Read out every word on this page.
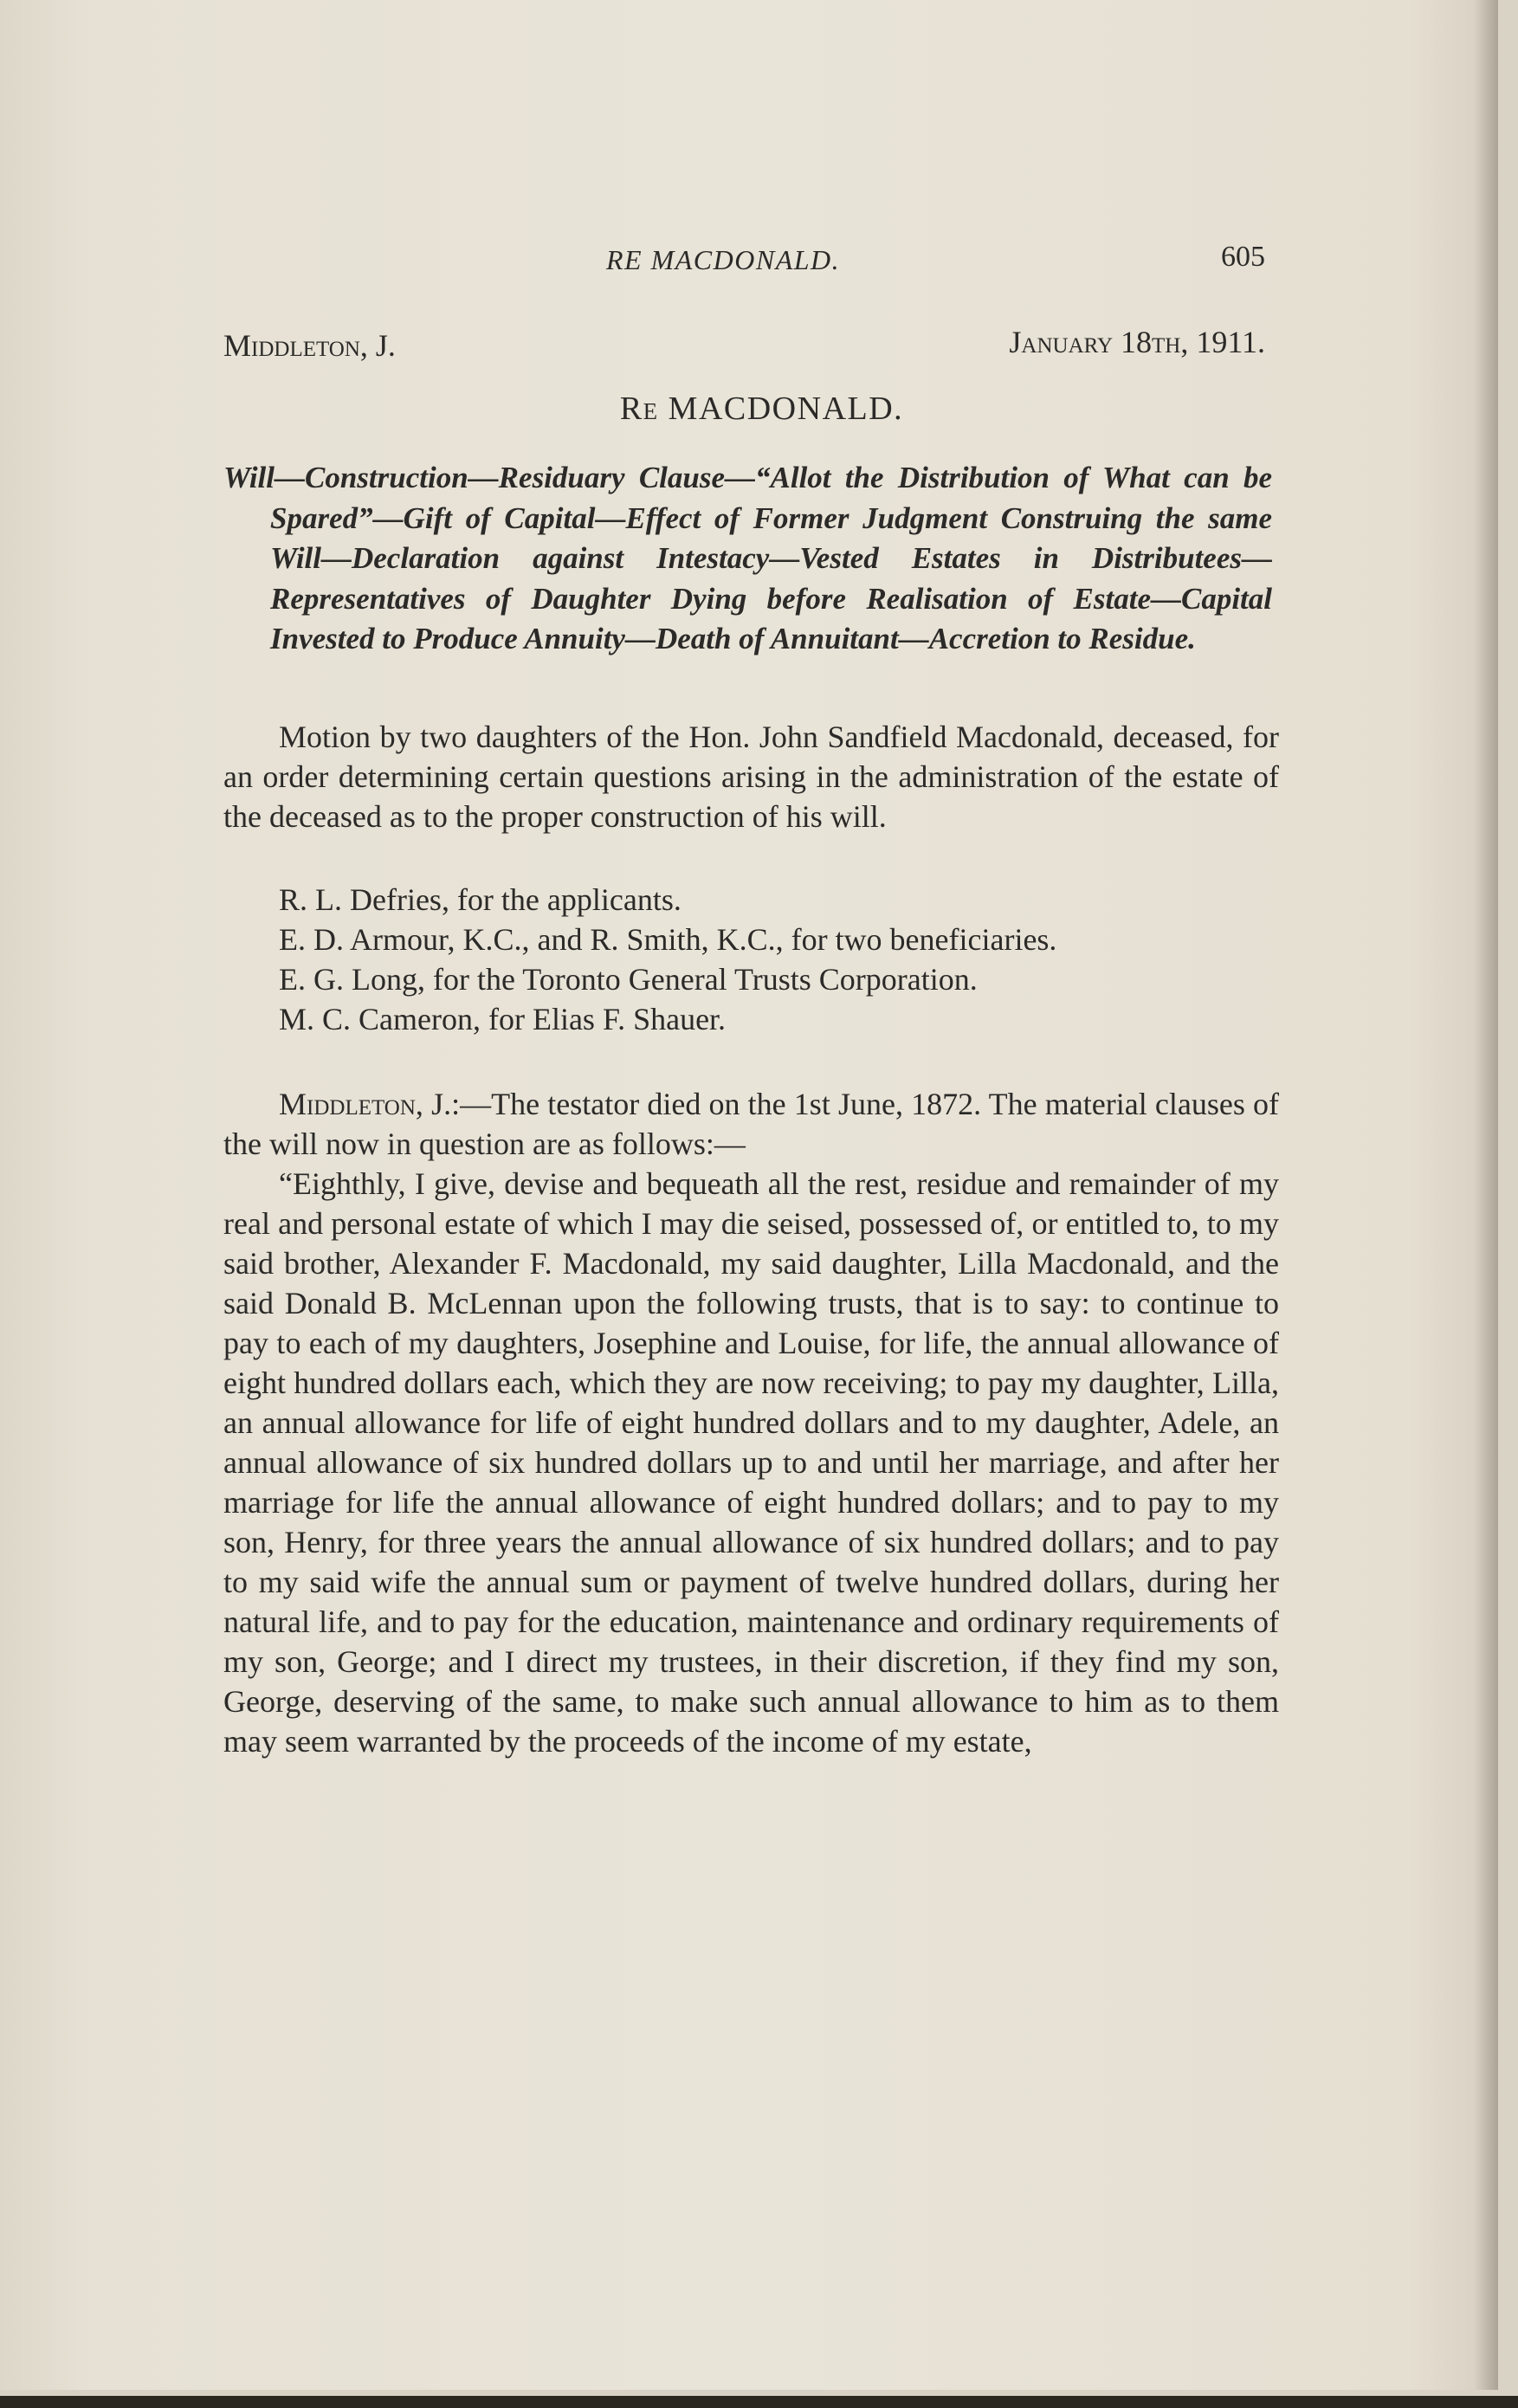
RE MACDONALD.	605
Middleton, J.	January 18th, 1911.
Re MACDONALD.

Will—Construction—Residuary Clause—“Allot the Distribution of What can be Spared”—Gift of Capital—Effect of Former Judgment Construing the same Will—Declaration against Intestacy—Vested Estates in Distributees—Representatives of Daughter Dying before Realisation of Estate—Capital Invested to Produce Annuity—Death of Annuitant—Accretion to Residue.

Motion by two daughters of the Hon. John Sandfield Macdonald, deceased, for an order determining certain questions arising in the administration of the estate of the deceased as to the proper construction of his will.

R. L. Defries, for the applicants.

E. D. Armour, K.C., and R. Smith, K.C., for two beneficiaries.

E. G. Long, for the Toronto General Trusts Corporation.

M. C. Cameron, for Elias F. Shauer.

Middleton, J.:—The testator died on the 1st June, 1872. The material clauses of the will now in question are as follows:—

“Eighthly, I give, devise and bequeath all the rest, residue and remainder of my real and personal estate of which I may die seised, possessed of, or entitled to, to my said brother, Alexander F. Macdonald, my said daughter, Lilla Macdonald, and the said Donald B. McLennan upon the following trusts, that is to say: to continue to pay to each of my daughters, Josephine and Louise, for life, the annual allowance of eight hundred dollars each, which they are now receiving; to pay my daughter, Lilla, an annual allowance for life of eight hundred dollars and to my daughter, Adele, an annual allowance of six hundred dollars up to and until her marriage, and after her marriage for life the annual allowance of eight hundred dollars; and to pay to my son, Henry, for three years the annual allowance of six hundred dollars; and to pay to my said wife the annual sum or payment of twelve hundred dollars, during her natural life, and to pay for the education, maintenance and ordinary requirements of my son, George; and I direct my trustees, in their discretion, if they find my son, George, deserving of the same, to make such annual allowance to him as to them may seem warranted by the proceeds of the income of my estate,
